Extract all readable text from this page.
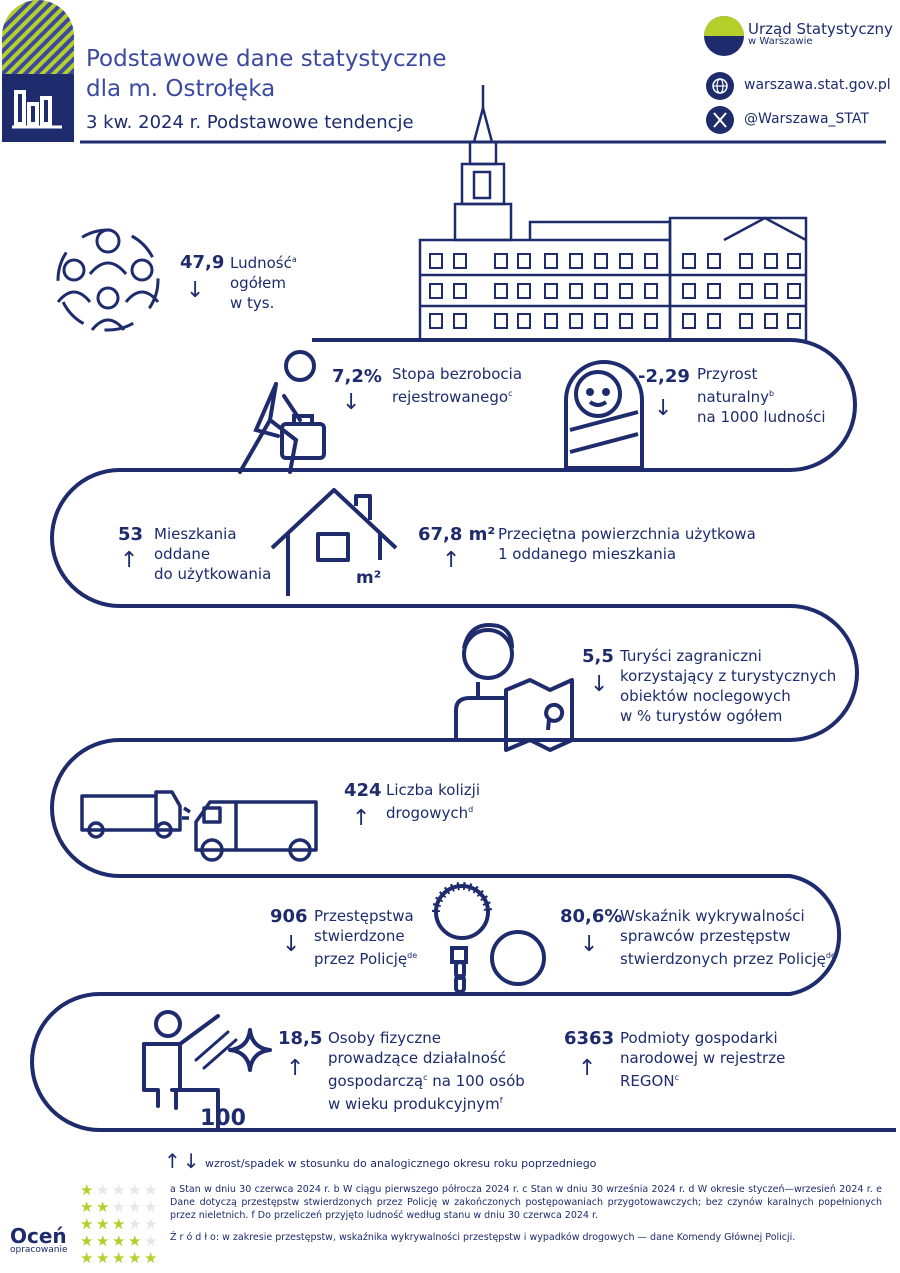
★ ★ ★ ★ ★
★ ★ ★ ★ ★
★ ★ ★ ★ ★
★ ★ ★ ★ ★
★ ★ ★ ★ ★
Podstawowe dane statystyczne
dla m. Ostrołęka
3 kw. 2024 r. Podstawowe tendencje
Urząd Statystyczny
w Warszawie
warszawa.stat.gov.pl
@Warszawa_STAT
47,9
↓
Ludność$^a$
ogółem
w tys.
7,2%
↓
Stopa bezrobocia
rejestrowanego$^c$
-2,29
↓
Przyrost
naturalny$^b$
na 1000 ludności
53
↑
Mieszkania
oddane
do użytkowania	m²
67,8 m²
↑
Przeciętna powierzchnia użytkowa
1 oddanego mieszkania
5,5
↓
Turyści zagraniczni
korzystający z turystycznych
obiektów noclegowych
w % turystów ogółem
424
↑
Liczba kolizji
drogowych$^d$
906
↓
Przestępstwa
stwierdzone
przez Policję$^{de}$
80,6%
↓
Wskaźnik wykrywalności
sprawców przestępstw
stwierdzonych przez Policję$^{de}$
18,5
↑
Osoby fizyczne
prowadzące działalność
gospodarczą$^c$ na 100 osób
w wieku produkcyjnym$^f$
100
6363
↑
Podmioty gospodarki
narodowej w rejestrze
REGON$^c$
↑↓ wzrost/spadek w stosunku do analogicznego okresu roku poprzedniego
a Stan w dniu 30 czerwca 2024 r. b W ciągu pierwszego półrocza 2024 r. c Stan w dniu 30 września 2024 r. d W okresie styczeń—wrzesień 2024 r. e Dane dotyczą przestępstw stwierdzonych przez Policję w zakończonych postępowaniach przygotowawczych; bez czynów karalnych popełnionych przez nieletnich. f Do przeliczeń przyjęto ludność według stanu w dniu 30 czerwca 2024 r.
Ź r ó d ł o: w zakresie przestępstw, wskaźnika wykrywalności przestępstw i wypadków drogowych — dane Komendy Głównej Policji.
Oceń
opracowanie
